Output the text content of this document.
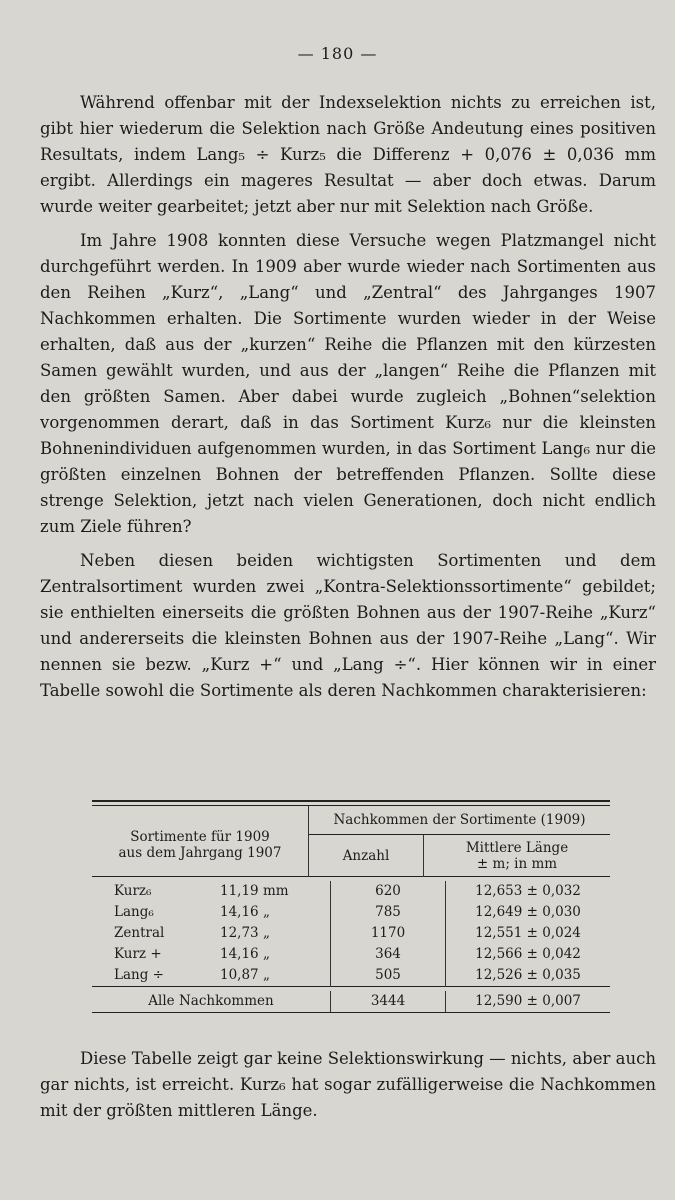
— 180 —

Während offenbar mit der Indexselektion nichts zu erreichen ist, gibt hier wiederum die Selektion nach Größe Andeutung eines positiven Resultats, indem Lang₅ ÷ Kurz₅ die Differenz + 0,076 ± 0,036 mm ergibt. Allerdings ein mageres Resultat — aber doch etwas. Darum wurde weiter gearbeitet; jetzt aber nur mit Selektion nach Größe.

Im Jahre 1908 konnten diese Versuche wegen Platzmangel nicht durchgeführt werden. In 1909 aber wurde wieder nach Sortimenten aus den Reihen „Kurz“, „Lang“ und „Zentral“ des Jahrganges 1907 Nachkommen erhalten. Die Sortimente wurden wieder in der Weise erhalten, daß aus der „kurzen“ Reihe die Pflanzen mit den kürzesten Samen gewählt wurden, und aus der „langen“ Reihe die Pflanzen mit den größten Samen. Aber dabei wurde zugleich „Bohnen“selektion vorgenommen derart, daß in das Sortiment Kurz₆ nur die kleinsten Bohnenindividuen aufgenommen wurden, in das Sortiment Lang₆ nur die größten einzelnen Bohnen der betreffenden Pflanzen. Sollte diese strenge Selektion, jetzt nach vielen Generationen, doch nicht endlich zum Ziele führen?

Neben diesen beiden wichtigsten Sortimenten und dem Zentralsortiment wurden zwei „Kontra-Selektionssortimente“ gebildet; sie enthielten einerseits die größten Bohnen aus der 1907-Reihe „Kurz“ und andererseits die kleinsten Bohnen aus der 1907-Reihe „Lang“. Wir nennen sie bezw. „Kurz +“ und „Lang ÷“. Hier können wir in einer Tabelle sowohl die Sortimente als deren Nachkommen charakterisieren:

Sortimente für 1909
aus dem Jahrgang 1907	Nachkommen der Sortimente (1909)	
	Anzahl	Mittlere Länge
± m; in mm

Kurz₆	11,19 mm	620	12,653 ± 0,032
Lang₆	14,16 „	785	12,649 ± 0,030
Zentral	12,73 „	1170	12,551 ± 0,024
Kurz +	14,16 „	364	12,566 ± 0,042
Lang ÷	10,87 „	505	12,526 ± 0,035

Alle Nachkommen		3444	12,590 ± 0,007

Diese Tabelle zeigt gar keine Selektionswirkung — nichts, aber auch gar nichts, ist erreicht. Kurz₆ hat sogar zufälligerweise die Nachkommen mit der größten mittleren Länge.
